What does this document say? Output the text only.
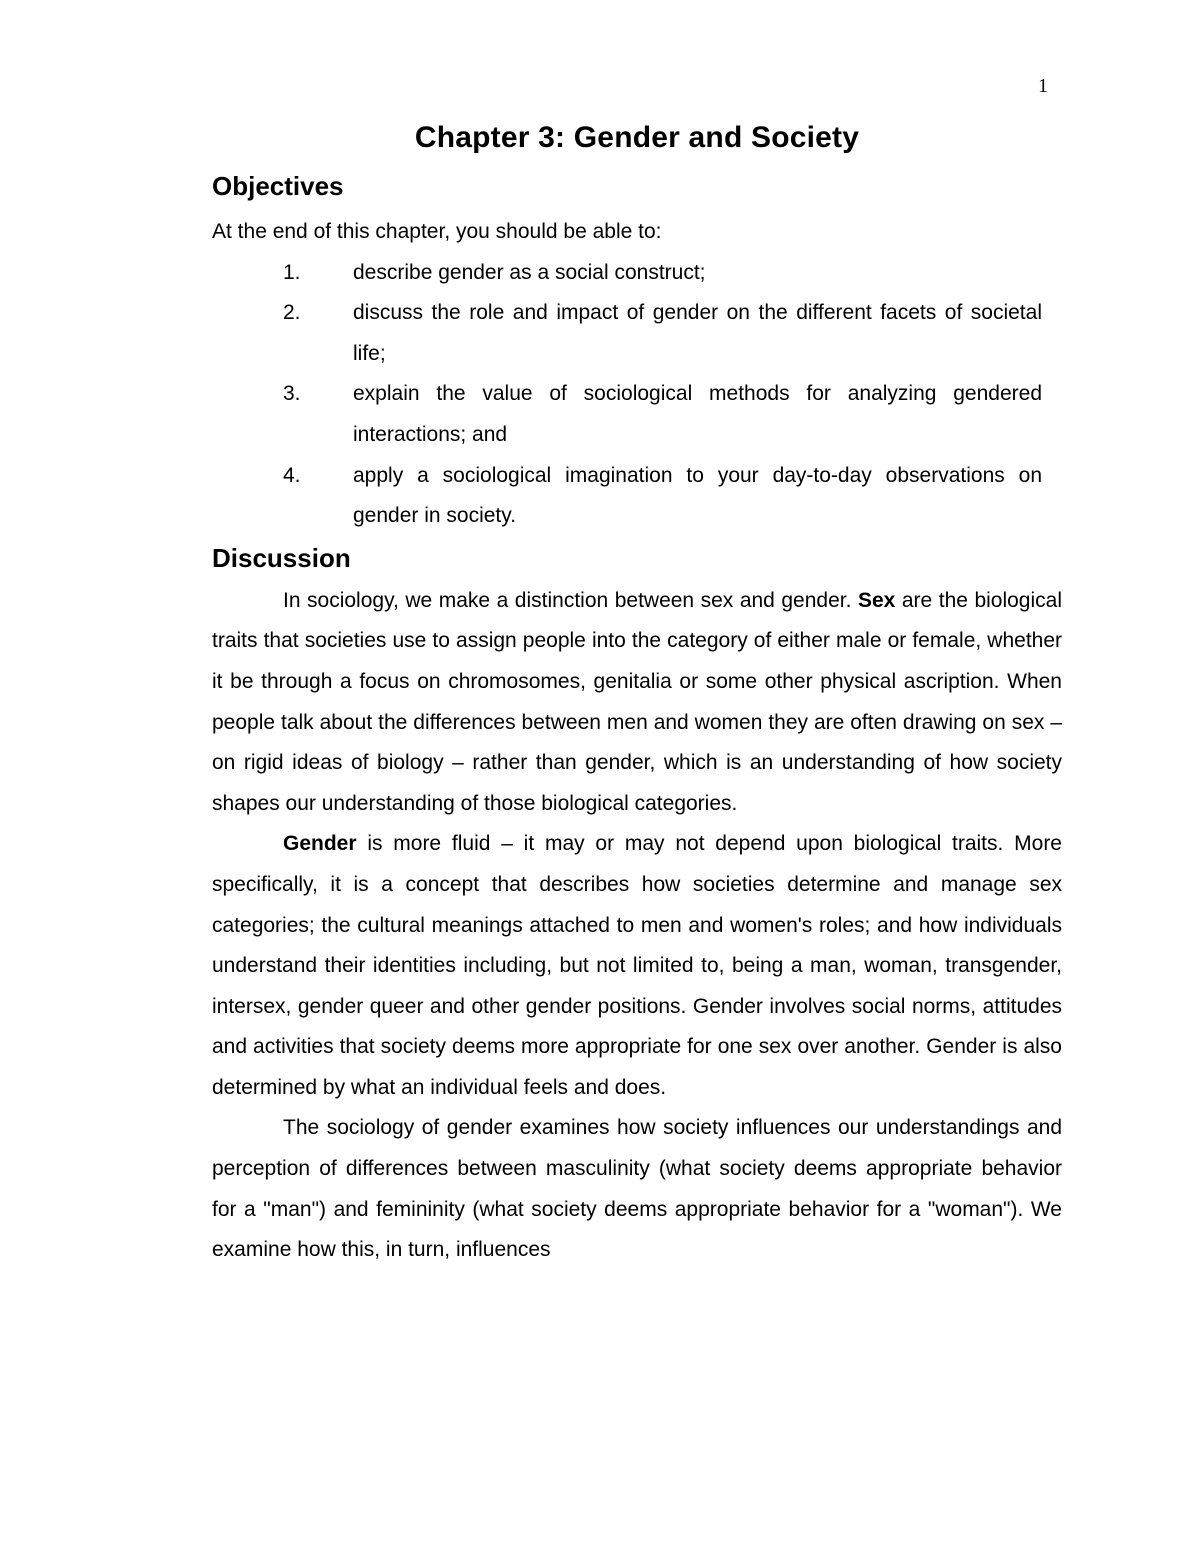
1
Chapter 3: Gender and Society
Objectives

At the end of this chapter, you should be able to:

1. describe gender as a social construct;
2. discuss the role and impact of gender on the different facets of societal life;
3. explain the value of sociological methods for analyzing gendered interactions; and
4. apply a sociological imagination to your day-to-day observations on gender in society.
Discussion

In sociology, we make a distinction between sex and gender. Sex are the biological traits that societies use to assign people into the category of either male or female, whether it be through a focus on chromosomes, genitalia or some other physical ascription. When people talk about the differences between men and women they are often drawing on sex – on rigid ideas of biology – rather than gender, which is an understanding of how society shapes our understanding of those biological categories.

Gender is more fluid – it may or may not depend upon biological traits. More specifically, it is a concept that describes how societies determine and manage sex categories; the cultural meanings attached to men and women's roles; and how individuals understand their identities including, but not limited to, being a man, woman, transgender, intersex, gender queer and other gender positions. Gender involves social norms, attitudes and activities that society deems more appropriate for one sex over another. Gender is also determined by what an individual feels and does.

The sociology of gender examines how society influences our understandings and perception of differences between masculinity (what society deems appropriate behavior for a "man") and femininity (what society deems appropriate behavior for a "woman"). We examine how this, in turn, influences
